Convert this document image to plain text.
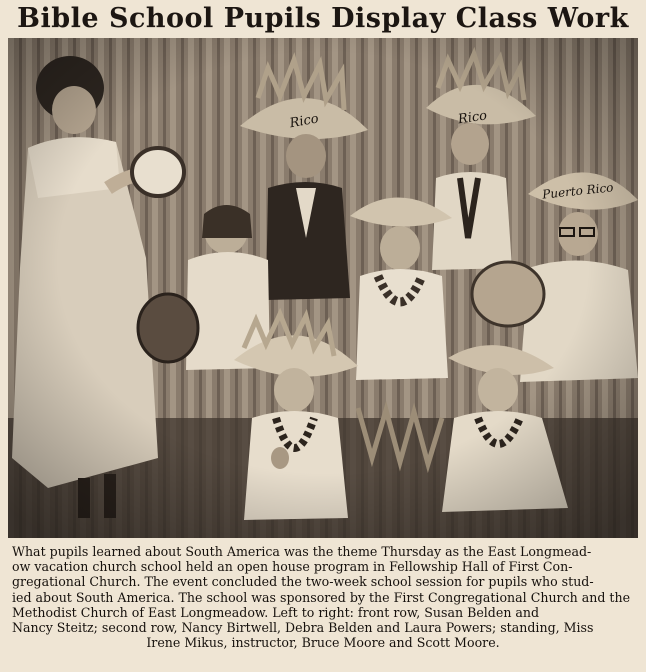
Bible School Pupils Display Class Work
What pupils learned about South America was the theme Thursday as the East Longmead-
ow vacation church school held an open house program in Fellowship Hall of First Con-
gregational Church. The event concluded the two-week school session for pupils who stud-
ied about South America. The school was sponsored by the First Congregational Church and the
Methodist Church of East Longmeadow. Left to right: front row, Susan Belden and
Nancy Steitz; second row, Nancy Birtwell, Debra Belden and Laura Powers; standing, Miss
Irene Mikus, instructor, Bruce Moore and Scott Moore.
